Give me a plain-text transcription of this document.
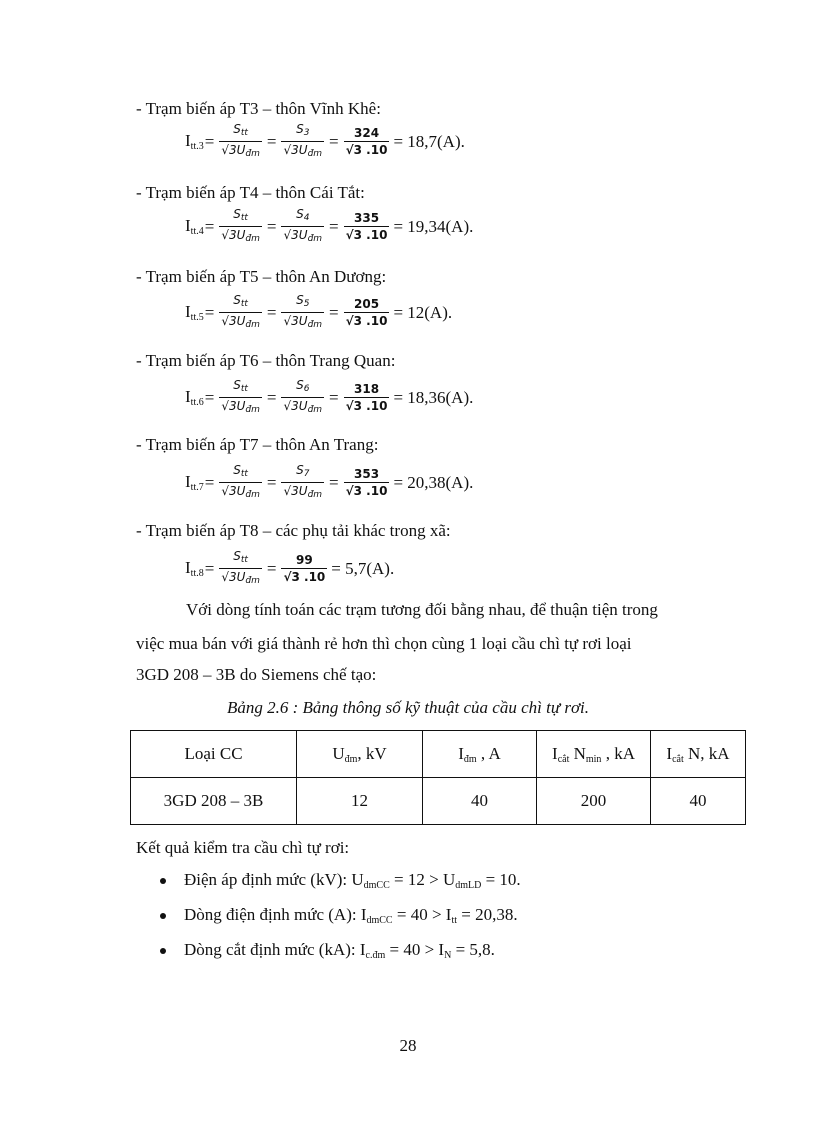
- Trạm biến áp T3 – thôn Vĩnh Khê:
$I_{tt.3} = \frac{S_{tt}}{√3U_{đm}} = \frac{S_3}{√3U_{đm}} = \frac{324}{√3 .10} = 18,7(A)$.
- Trạm biến áp T4 – thôn Cái Tắt:
$I_{tt.4} = \frac{S_{tt}}{√3U_{đm}} = \frac{S_4}{√3U_{đm}} = \frac{335}{√3 .10} = 19,34(A)$.
- Trạm biến áp T5 – thôn An Dương:
$I_{tt.5} = \frac{S_{tt}}{√3U_{đm}} = \frac{S_5}{√3U_{đm}} = \frac{205}{√3 .10} = 12(A)$.
- Trạm biến áp T6 – thôn Trang Quan:
$I_{tt.6} = \frac{S_{tt}}{√3U_{đm}} = \frac{S_6}{√3U_{đm}} = \frac{318}{√3 .10} = 18,36(A)$.
- Trạm biến áp T7 – thôn An Trang:
$I_{tt.7} = \frac{S_{tt}}{√3U_{đm}} = \frac{S_7}{√3U_{đm}} = \frac{353}{√3 .10} = 20,38(A)$.
- Trạm biến áp T8 – các phụ tải khác trong xã:
$I_{tt.8} = \frac{S_{tt}}{√3U_{đm}} = \frac{99}{√3 .10} = 5,7(A)$.
Với dòng tính toán các trạm tương đối bằng nhau, để thuận tiện trong
việc mua bán với giá thành rẻ hơn thì chọn cùng 1 loại cầu chì tự rơi loại
3GD 208 – 3B do Siemens chế tạo:
Bảng 2.6 : Bảng thông số kỹ thuật của cầu chì tự rơi.
Loại CC	$U_{đm}$, kV	$I_{đm}$ , A	$I_{cắt}$ $N_{min}$ , kA	$I_{cắt}$ N, kA
3GD 208 – 3B	12	40	200	40
Kết quả kiểm tra cầu chì tự rơi:
Điện áp định mức (kV): $U_{dmCC} = 12 > U_{dmLD} = 10$.
Dòng điện định mức (A): $I_{dmCC} = 40 > I_{tt} = 20,38$.
Dòng cắt định mức (kA): $I_{c.đm} = 40 > I_N = 5,8$.
28
